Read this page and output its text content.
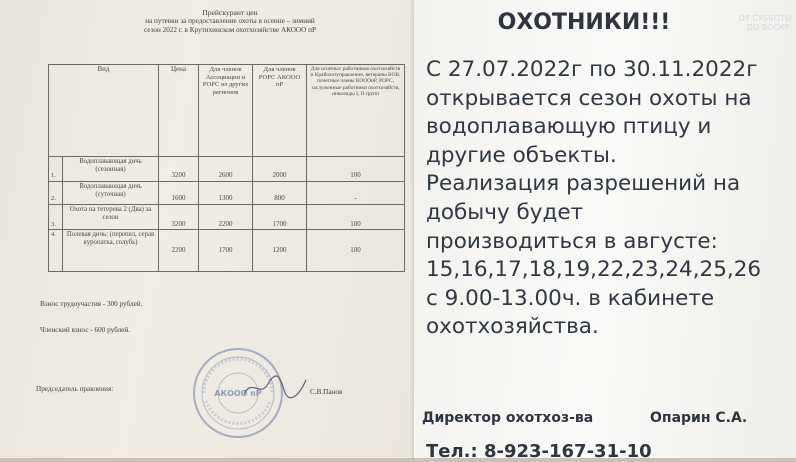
Прейскурант цен
на путевки за предоставление охоты в осенне – зимний
сезон 2022 г. в Крутихинском охотхозяйстве АКООО пР
Вид		Цена	Для членов Ассоциации и РОРС из других регионов	Для членов РОРС АКООО пР	Для штатных работников охотхозяйств и Крайохотуправления, ветераны ВОВ, почетные члены КОООиР, РОРС, заслуженные работники охотхозяйств, инвалиды I, II групп
1.	Водоплавающая дичь (сезонная)	3200	2600	2000	100
2.	Водоплавающая дичь (суточная)	1600	1300	800	-
3.	Охота на тетерева 2 (Два) за сезон	3200	2200	1700	100
4.	Полевая дичь: (перепел, серая куропатка, голубь)	2200	1700	1200	100
Взнос трудоучастия - 300 рублей.
Членский взнос - 600 рублей.
АКООО пР
Председатель правления:	С.В.Панов
ОХОТНИКИ!!!	ОТ СУББОТЫ
ДО ВОСКР.
С 27.07.2022г по 30.11.2022г
открывается сезон охоты на
водоплавающую птицу и
другие объекты.
Реализация разрешений на
добычу будет
производиться в августе:
15,16,17,18,19,22,23,24,25,26
с 9.00-13.00ч. в кабинете
охотхозяйства.
Директор охотхоз-ва	Опарин С.А.
Тел.: 8-923-167-31-10
